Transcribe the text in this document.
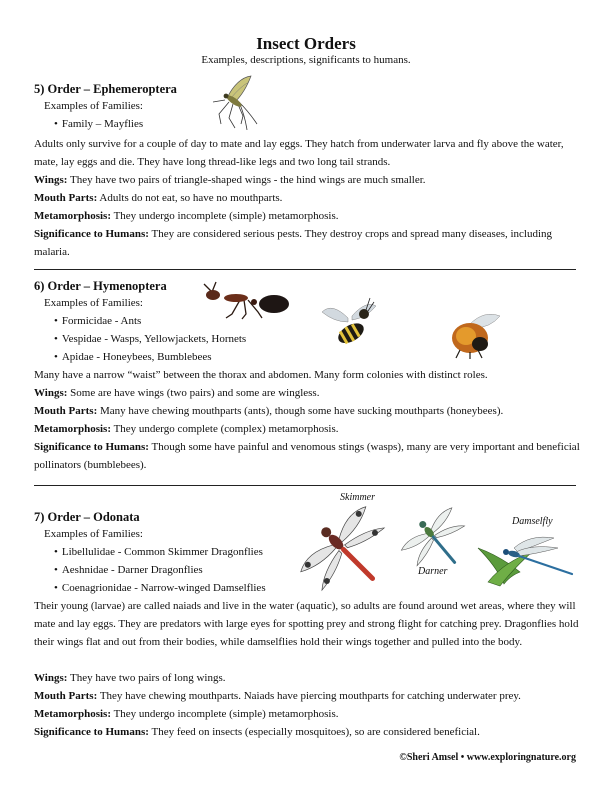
Insect Orders
Examples, descriptions, significants to humans.
5) Order – Ephemeroptera
Examples of Families:
• Family – Mayflies
Adults only survive for a couple of day to mate and lay eggs. They hatch from underwater larva and fly above the water, mate, lay eggs and die. They have long thread-like legs and two long tail strands.
Wings: They have two pairs of triangle-shaped wings - the hind wings are much smaller.
Mouth Parts: Adults do not eat, so have no mouthparts.
Metamorphosis: They undergo incomplete (simple) metamorphosis.
Significance to Humans: They are considered serious pests. They destroy crops and spread many diseases, including malaria.
6) Order – Hymenoptera
Examples of Families:
• Formicidae - Ants
• Vespidae - Wasps, Yellowjackets, Hornets
• Apidae - Honeybees, Bumblebees
Many have a narrow “waist” between the thorax and abdomen. Many form colonies with distinct roles.
Wings: Some are have wings (two pairs) and some are wingless.
Mouth Parts: Many have chewing mouthparts (ants), though some have sucking mouthparts (honeybees).
Metamorphosis: They undergo complete (complex) metamorphosis.
Significance to Humans: Though some have painful and venomous stings (wasps), many are very important and beneficial pollinators (bumblebees).
Skimmer
Damselfly
Darner
7) Order – Odonata
Examples of Families:
• Libellulidae - Common Skimmer Dragonflies
• Aeshnidae - Darner Dragonflies
• Coenagrionidae - Narrow-winged Damselflies
Their young (larvae) are called naiads and live in the water (aquatic), so adults are found around wet areas, where they will mate and lay eggs. They are predators with large eyes for spotting prey and strong flight for catching prey. Dragonflies hold their wings flat and out from their bodies, while damselflies hold their wings together and pulled into the body.
Wings: They have two pairs of long wings.
Mouth Parts: They have chewing mouthparts. Naiads have piercing mouthparts for catching underwater prey.
Metamorphosis: They undergo incomplete (simple) metamorphosis.
Significance to Humans: They feed on insects (especially mosquitoes), so are considered beneficial.
©Sheri Amsel • www.exploringnature.org
